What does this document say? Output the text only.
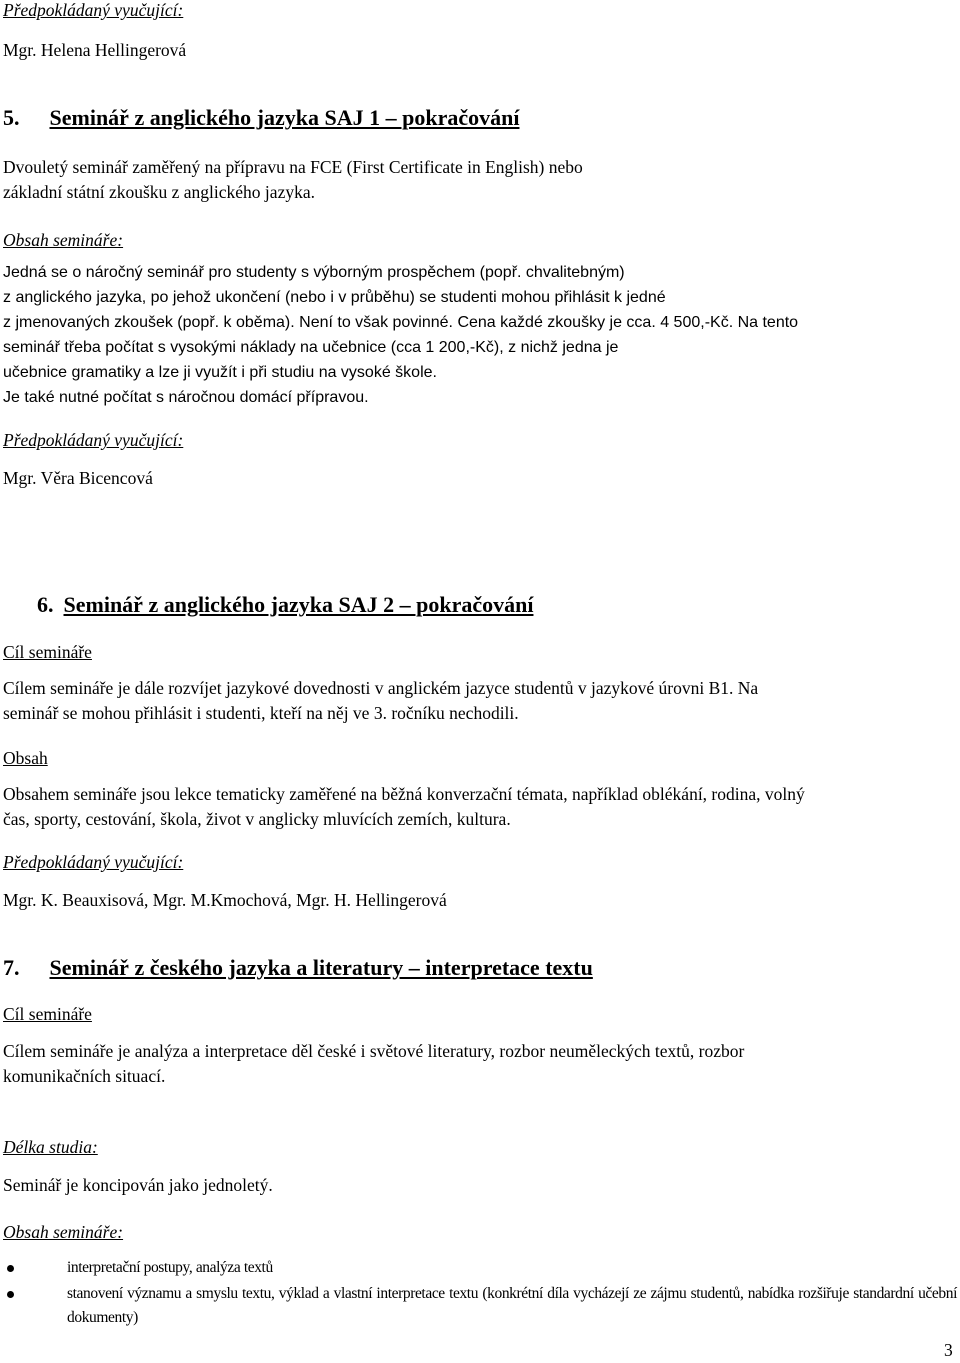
Předpokládaný vyučující:
Mgr. Helena Hellingerová
5. Seminář z anglického jazyka SAJ 1 – pokračování
Dvouletý seminář zaměřený na přípravu na FCE (First Certificate in English) nebo
základní státní zkoušku z anglického jazyka.
Obsah semináře:
Jedná se o náročný seminář pro studenty s výborným prospěchem (popř. chvalitebným)
z anglického jazyka, po jehož ukončení (nebo i v průběhu) se studenti mohou přihlásit k jedné
z jmenovaných zkoušek (popř. k oběma). Není to však povinné. Cena každé zkoušky je cca. 4 500,-Kč. Na tento
seminář třeba počítat s vysokými náklady na učebnice (cca 1 200,-Kč), z nichž jedna je
učebnice gramatiky a lze ji využít i při studiu na vysoké škole.
Je také nutné počítat s náročnou domácí přípravou.
Předpokládaný vyučující:
Mgr. Věra Bicencová
6. Seminář z anglického jazyka SAJ 2 – pokračování
Cíl semináře
Cílem semináře je dále rozvíjet jazykové dovednosti v anglickém jazyce studentů v jazykové úrovni B1. Na
seminář se mohou přihlásit i studenti, kteří na něj ve 3. ročníku nechodili.
Obsah
Obsahem semináře jsou lekce tematicky zaměřené na běžná konverzační témata, například oblékání, rodina, volný
čas, sporty, cestování, škola, život v anglicky mluvících zemích, kultura.
Předpokládaný vyučující:
Mgr. K. Beauxisová, Mgr. M.Kmochová, Mgr. H. Hellingerová
7. Seminář z českého jazyka a literatury – interpretace textu
Cíl semináře
Cílem semináře je analýza a interpretace děl české i světové literatury, rozbor neuměleckých textů, rozbor
komunikačních situací.
Délka studia:
Seminář je koncipován jako jednoletý.
Obsah semináře:
interpretační postupy, analýza textů
stanovení významu a smyslu textu, výklad a vlastní interpretace textu (konkrétní díla vycházejí ze zájmu studentů, nabídka rozšiřuje standardní učební dokumenty)
3
